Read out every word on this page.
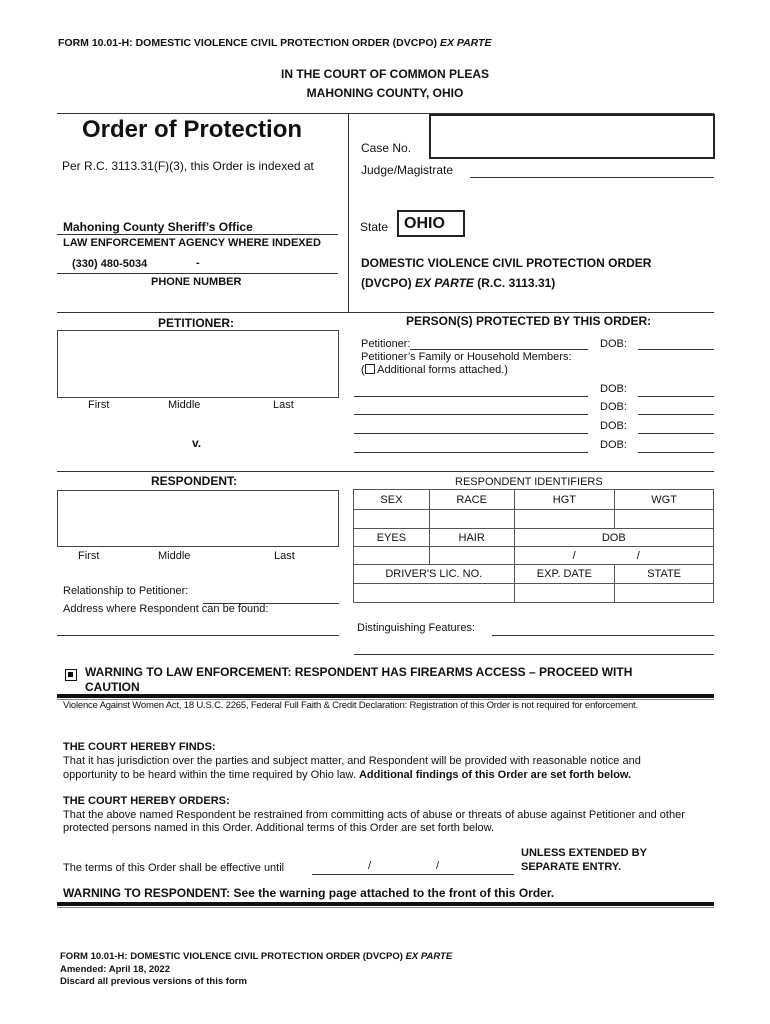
FORM 10.01-H: DOMESTIC VIOLENCE CIVIL PROTECTION ORDER (DVCPO) EX PARTE
IN THE COURT OF COMMON PLEAS
MAHONING COUNTY, OHIO
Order of Protection
Per R.C. 3113.31(F)(3), this Order is indexed at
Case No.
Judge/Magistrate
State OHIO
Mahoning County Sheriff’s Office
LAW ENFORCEMENT AGENCY WHERE INDEXED
(330) 480-5034	-
PHONE NUMBER
DOMESTIC VIOLENCE CIVIL PROTECTION ORDER
(DVCPO) EX PARTE (R.C. 3113.31)
PETITIONER:
First	Middle	Last
v.
PERSON(S) PROTECTED BY THIS ORDER:
Petitioner:	DOB:
Petitioner’s Family or Household Members:
( Additional forms attached.)
DOB:
DOB:
DOB:
DOB:
RESPONDENT:
First	Middle	Last
Relationship to Petitioner:
Address where Respondent can be found:
RESPONDENT IDENTIFIERS
SEX	RACE	HGT	WGT

EYES	HAIR	DOB	
		/ /	
DRIVER'S LIC. NO.		EXP. DATE	STATE

Distinguishing Features:
WARNING TO LAW ENFORCEMENT: RESPONDENT HAS FIREARMS ACCESS – PROCEED WITH
CAUTION
Violence Against Women Act, 18 U.S.C. 2265, Federal Full Faith & Credit Declaration: Registration of this Order is not required for enforcement.
THE COURT HEREBY FINDS:
That it has jurisdiction over the parties and subject matter, and Respondent will be provided with reasonable notice and
opportunity to be heard within the time required by Ohio law. Additional findings of this Order are set forth below.
THE COURT HEREBY ORDERS:
That the above named Respondent be restrained from committing acts of abuse or threats of abuse against Petitioner and other
protected persons named in this Order. Additional terms of this Order are set forth below.
The terms of this Order shall be effective until	/	/
UNLESS EXTENDED BY
SEPARATE ENTRY.
WARNING TO RESPONDENT: See the warning page attached to the front of this Order.
FORM 10.01-H: DOMESTIC VIOLENCE CIVIL PROTECTION ORDER (DVCPO) EX PARTE
Amended: April 18, 2022
Discard all previous versions of this form
